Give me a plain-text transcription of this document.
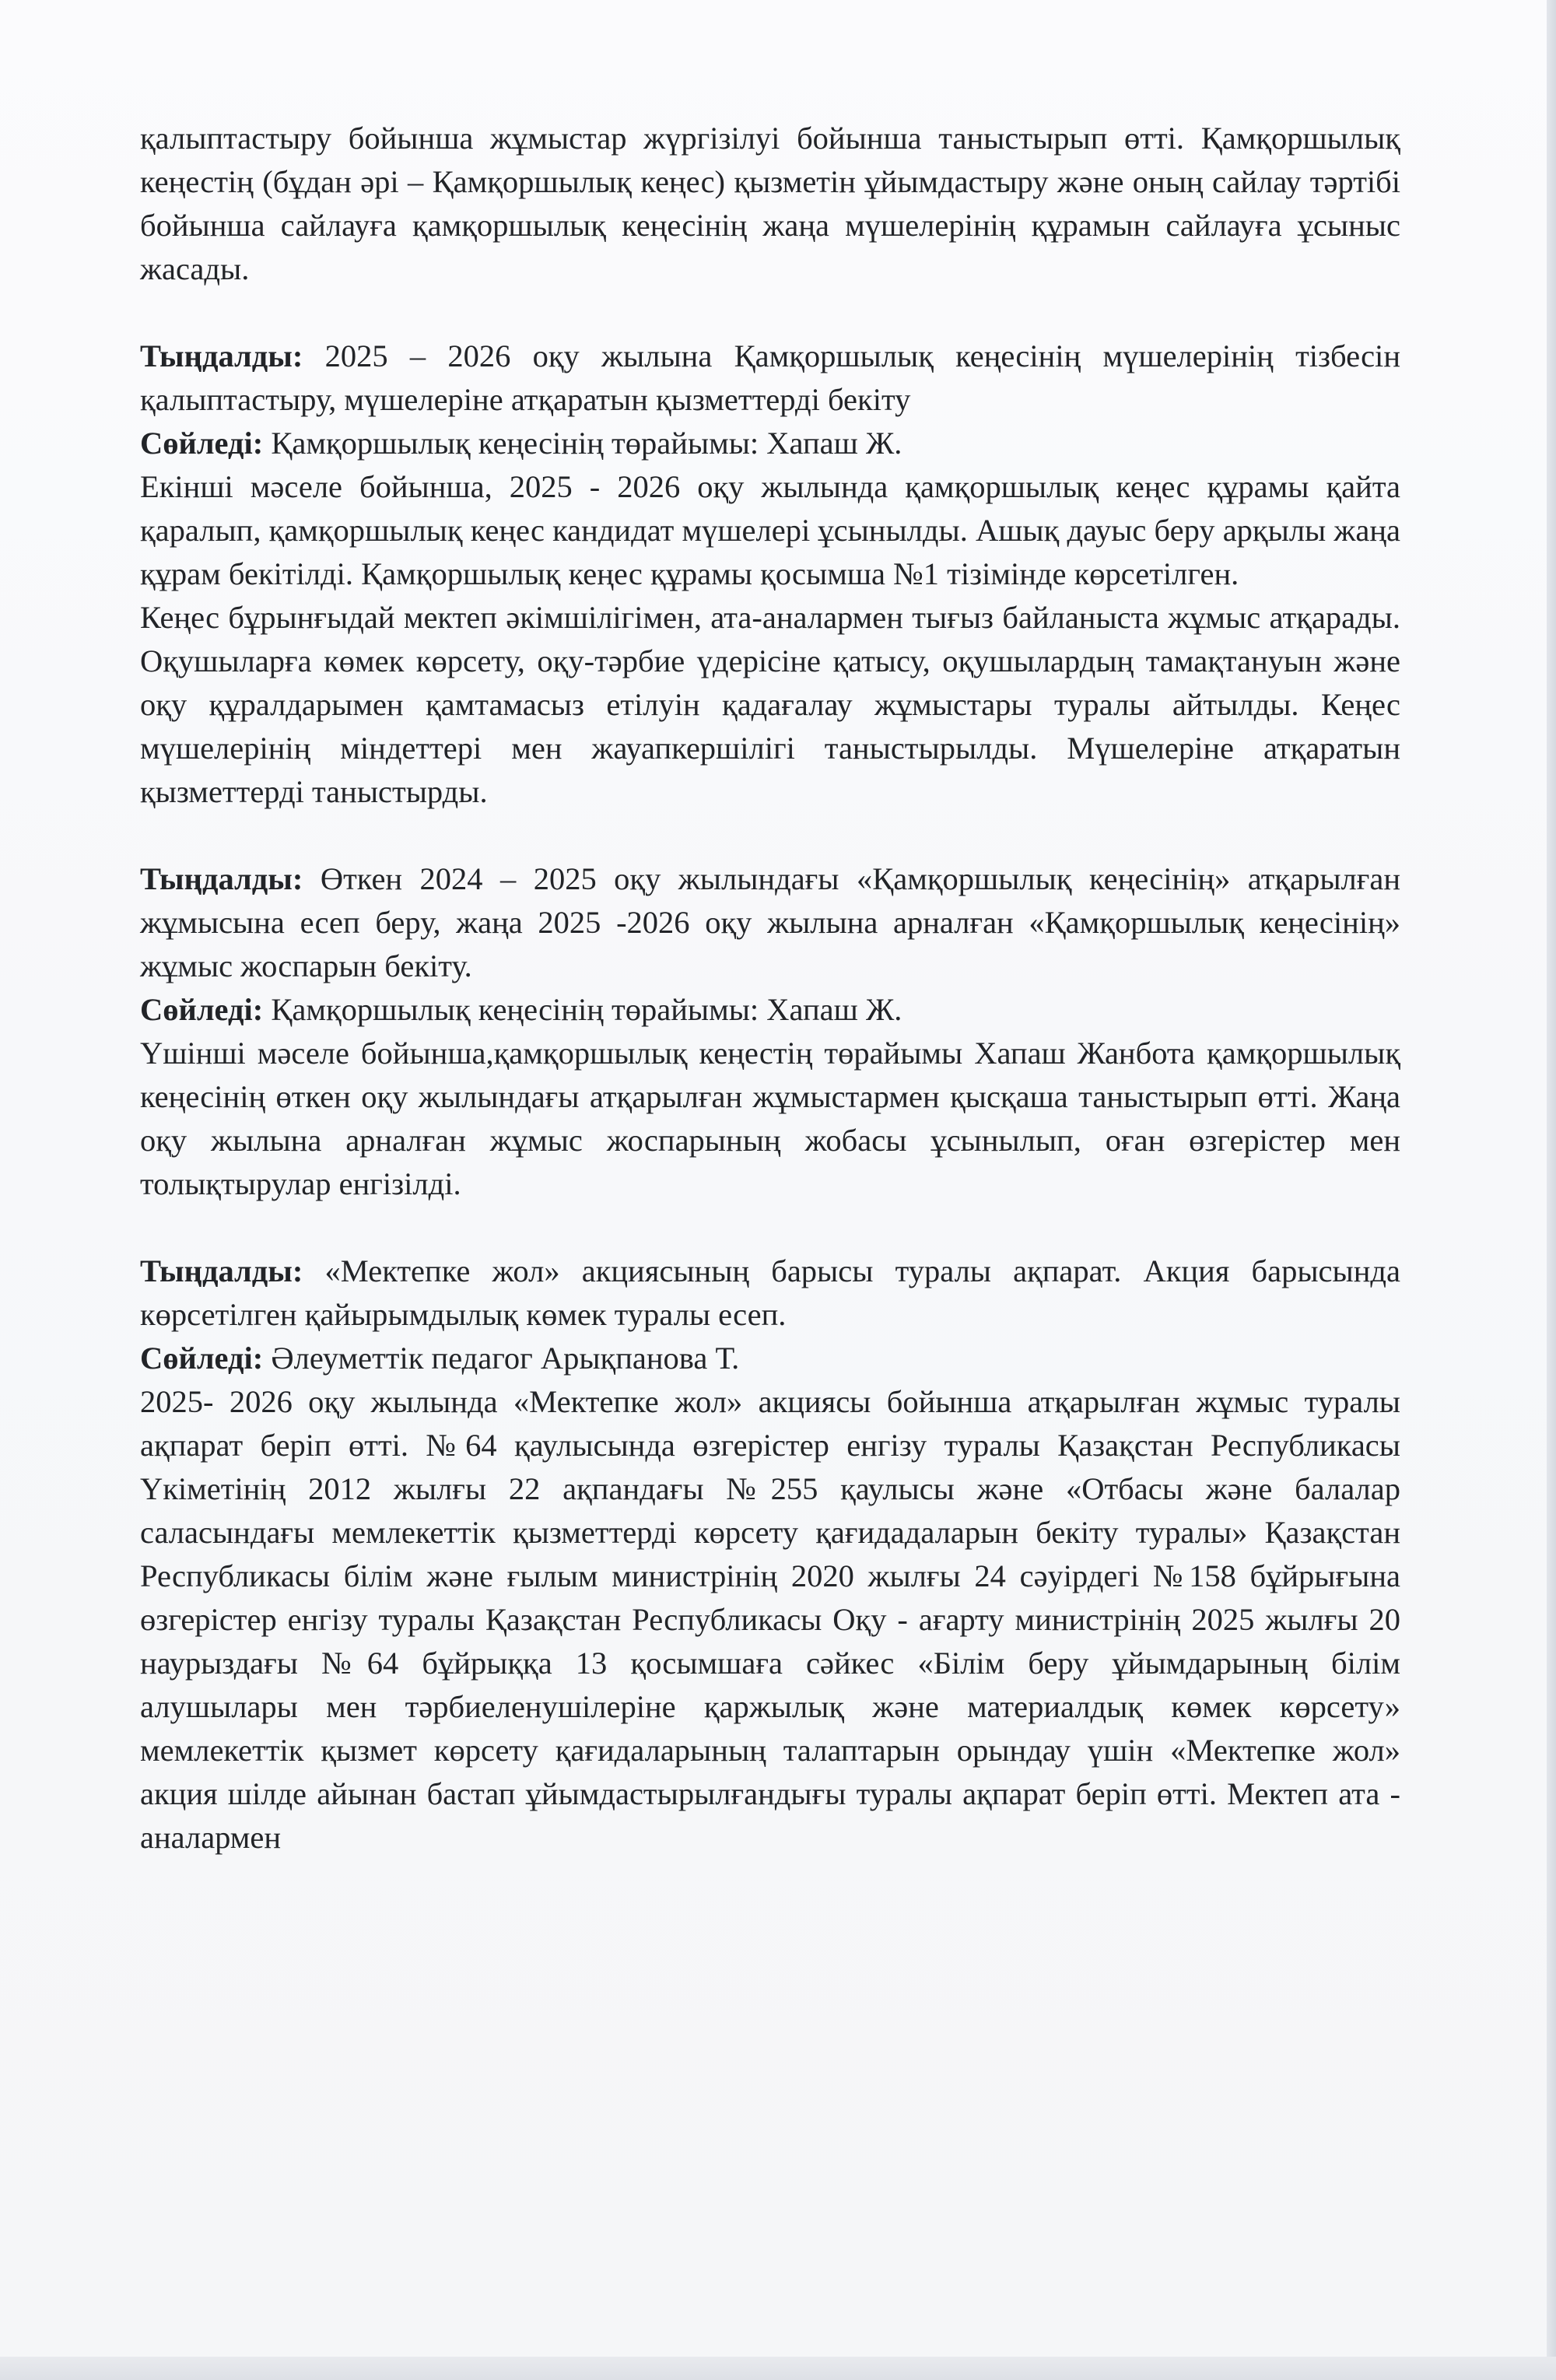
қалыптастыру бойынша жұмыстар жүргізілуі бойынша таныстырып өтті. Қамқоршылық кеңестің (бұдан әрі – Қамқоршылық кеңес) қызметін ұйымдастыру және оның сайлау тәртібі бойынша сайлауға қамқоршылық кеңесінің жаңа мүшелерінің құрамын сайлауға ұсыныс жасады.

Тыңдалды: 2025 – 2026 оқу жылына Қамқоршылық кеңесінің мүшелерінің тізбесін қалыптастыру, мүшелеріне атқаратын қызметтерді бекіту

Сөйледі: Қамқоршылық кеңесінің төрайымы: Хапаш Ж.

Екінші мәселе бойынша, 2025 - 2026 оқу жылында қамқоршылық кеңес құрамы қайта қаралып, қамқоршылық кеңес кандидат мүшелері ұсынылды. Ашық дауыс беру арқылы жаңа құрам бекітілді. Қамқоршылық кеңес құрамы қосымша №1 тізімінде көрсетілген.

Кеңес бұрынғыдай мектеп әкімшілігімен, ата-аналармен тығыз байланыста жұмыс атқарады. Оқушыларға көмек көрсету, оқу-тәрбие үдерісіне қатысу, оқушылардың тамақтануын және оқу құралдарымен қамтамасыз етілуін қадағалау жұмыстары туралы айтылды. Кеңес мүшелерінің міндеттері мен жауапкершілігі таныстырылды. Мүшелеріне атқаратын қызметтерді таныстырды.

Тыңдалды: Өткен 2024 – 2025 оқу жылындағы «Қамқоршылық кеңесінің» атқарылған жұмысына есеп беру, жаңа 2025 -2026 оқу жылына арналған «Қамқоршылық кеңесінің» жұмыс жоспарын бекіту.

Сөйледі: Қамқоршылық кеңесінің төрайымы: Хапаш Ж.

Үшінші мәселе бойынша,қамқоршылық кеңестің төрайымы Хапаш Жанбота қамқоршылық кеңесінің өткен оқу жылындағы атқарылған жұмыстармен қысқаша таныстырып өтті. Жаңа оқу жылына арналған жұмыс жоспарының жобасы ұсынылып, оған өзгерістер мен толықтырулар енгізілді.

Тыңдалды: «Мектепке жол» акциясының барысы туралы ақпарат. Акция барысында көрсетілген қайырымдылық көмек туралы есеп.

Сөйледі: Әлеуметтік педагог Арықпанова Т.

2025- 2026 оқу жылында «Мектепке жол» акциясы бойынша атқарылған жұмыс туралы ақпарат беріп өтті. №64 қаулысында өзгерістер енгізу туралы Қазақстан Республикасы Үкіметінің 2012 жылғы 22 ақпандағы №255 қаулысы және «Отбасы және балалар саласындағы мемлекеттік қызметтерді көрсету қағидадаларын бекіту туралы» Қазақстан Республикасы білім және ғылым министрінің 2020 жылғы 24 сәуірдегі №158 бұйрығына өзгерістер енгізу туралы Қазақстан Республикасы Оқу - ағарту министрінің 2025 жылғы 20 наурыздағы №64 бұйрыққа 13 қосымшаға сәйкес «Білім беру ұйымдарының білім алушылары мен тәрбиеленушілеріне қаржылық және материалдық көмек көрсету» мемлекеттік қызмет көрсету қағидаларының талаптарын орындау үшін «Мектепке жол» акция шілде айынан бастап ұйымдастырылғандығы туралы ақпарат беріп өтті. Мектеп ата - аналармен
